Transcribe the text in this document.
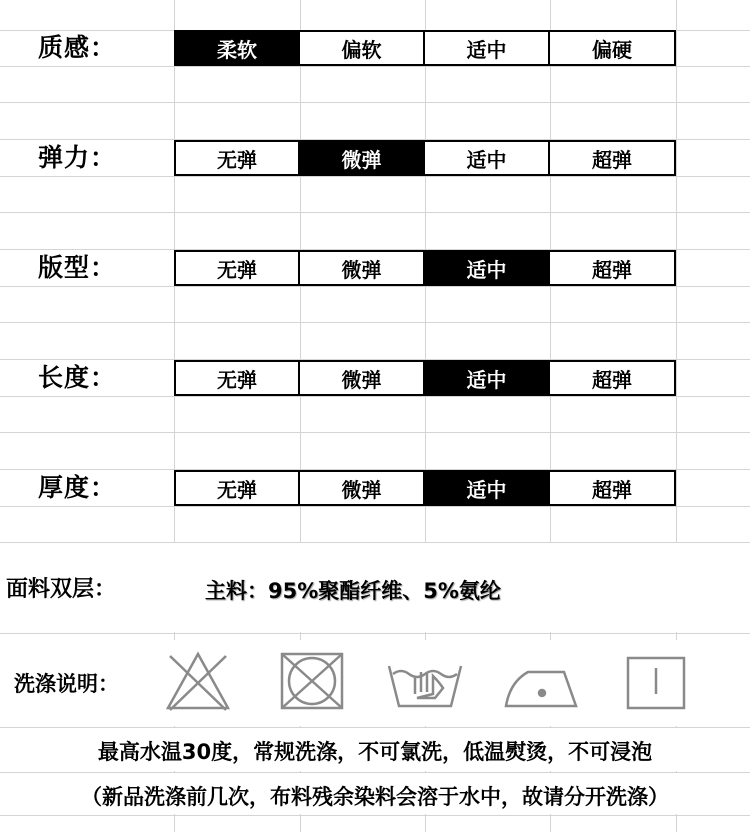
质感：	柔软	偏软	适中	偏硬
弹力：	无弹	微弹	适中	超弹
版型：	无弹	微弹	适中	超弹
长度：	无弹	微弹	适中	超弹
厚度：	无弹	微弹	适中	超弹
面料双层：	主料：95%聚酯纤维、5%氨纶
洗涤说明：
最高水温30度，常规洗涤，不可氯洗，低温熨烫，不可浸泡
（新品洗涤前几次，布料残余染料会溶于水中，故请分开洗涤）
